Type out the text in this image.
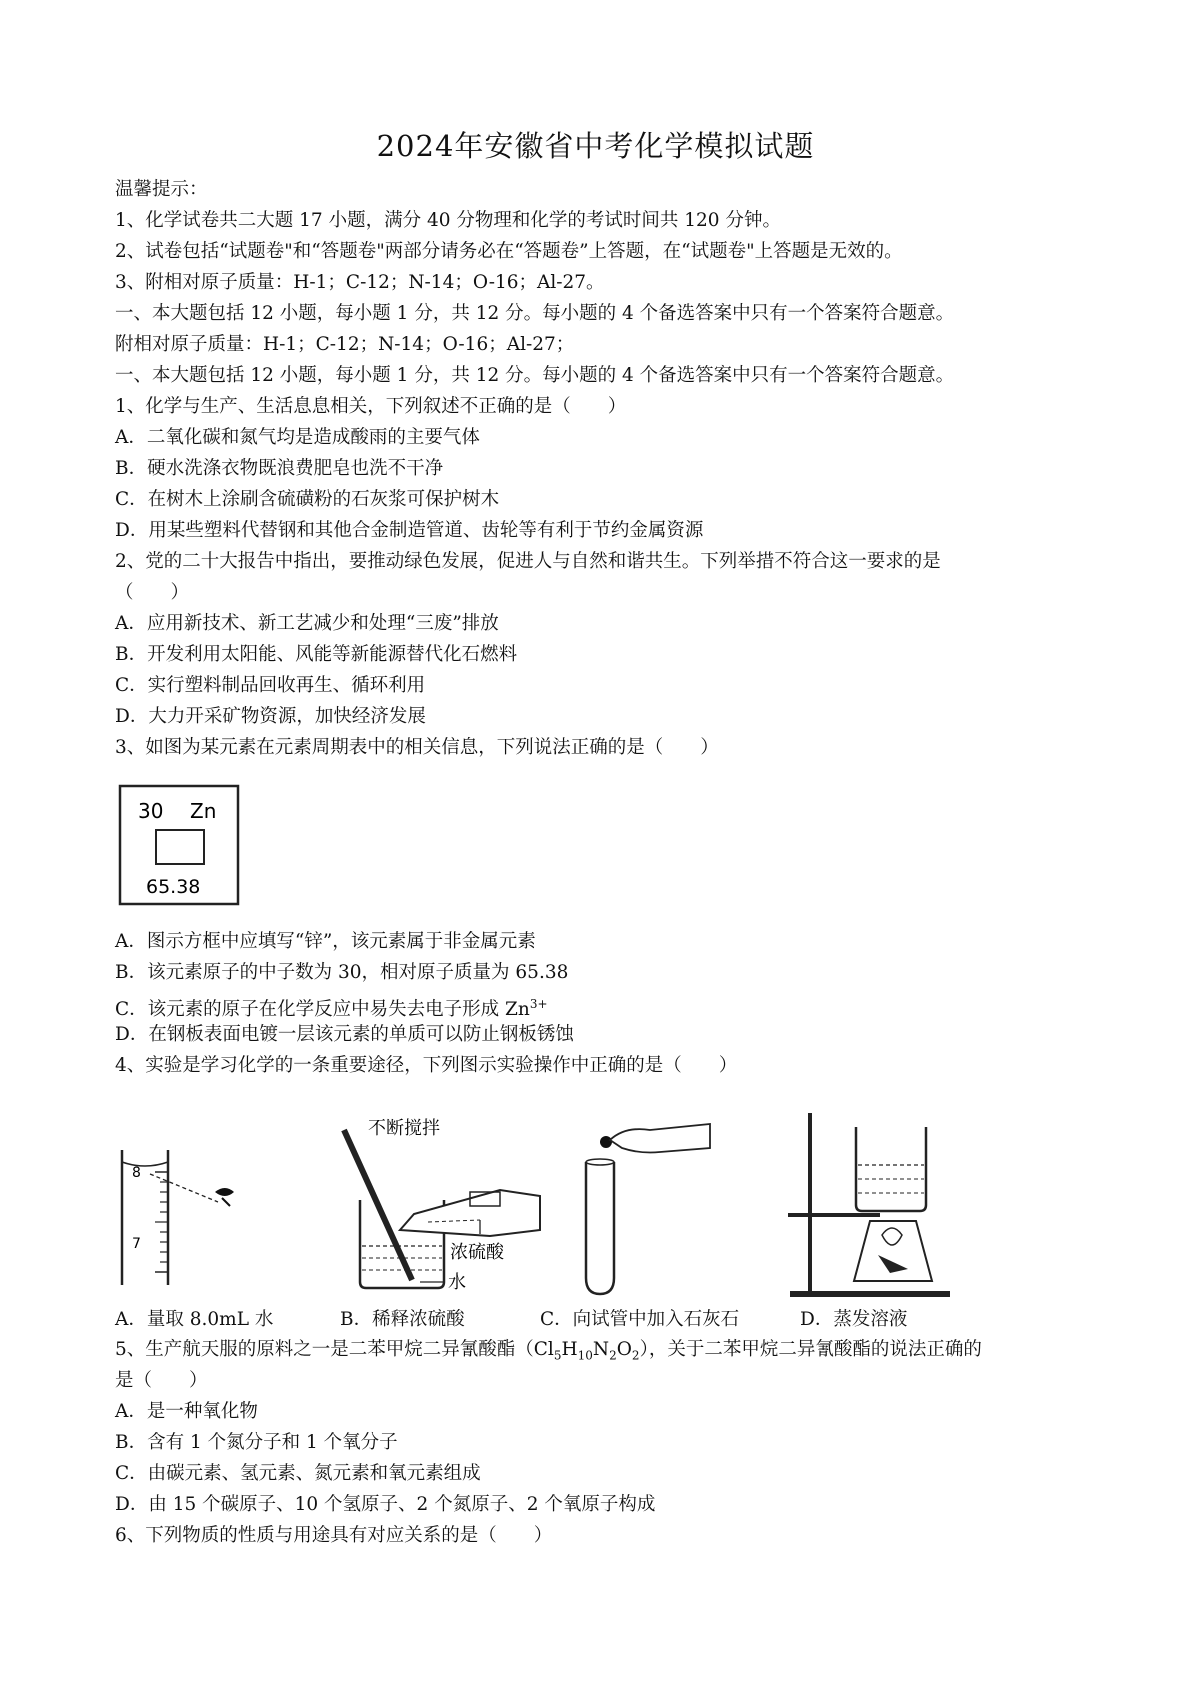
2024年安徽省中考化学模拟试题
温馨提示：
1、化学试卷共二大题 17 小题，满分 40 分物理和化学的考试时间共 120 分钟。
2、试卷包括“试题卷"和“答题卷"两部分请务必在“答题卷”上答题，在“试题卷"上答题是无效的。
3、附相对原子质量：H-1；C-12；N-14；O-16；Al-27。
一、本大题包括 12 小题，每小题 1 分，共 12 分。每小题的 4 个备选答案中只有一个答案符合题意。
附相对原子质量：H-1；C-12；N-14；O-16；Al-27；
一、本大题包括 12 小题，每小题 1 分，共 12 分。每小题的 4 个备选答案中只有一个答案符合题意。
1、化学与生产、生活息息相关，下列叙述不正确的是（　　）
A．二氧化碳和氮气均是造成酸雨的主要气体
B．硬水洗涤衣物既浪费肥皂也洗不干净
C．在树木上涂刷含硫磺粉的石灰浆可保护树木
D．用某些塑料代替钢和其他合金制造管道、齿轮等有利于节约金属资源
2、党的二十大报告中指出，要推动绿色发展，促进人与自然和谐共生。下列举措不符合这一要求的是
（　　）
A．应用新技术、新工艺减少和处理“三废”排放
B．开发利用太阳能、风能等新能源替代化石燃料
C．实行塑料制品回收再生、循环利用
D．大力开采矿物资源，加快经济发展
3、如图为某元素在元素周期表中的相关信息，下列说法正确的是（　　）
30 Zn
65.38
A．图示方框中应填写“锌”，该元素属于非金属元素
B．该元素原子的中子数为 30，相对原子质量为 65.38
C．该元素的原子在化学反应中易失去电子形成 $Zn^{3+}$
D．在钢板表面电镀一层该元素的单质可以防止钢板锈蚀
4、实验是学习化学的一条重要途径，下列图示实验操作中正确的是（　　）
8
7
不断搅拌
浓硫酸
水
A．量取 8.0mL 水	B．稀释浓硫酸	C．向试管中加入石灰石	D．蒸发溶液
5、生产航天服的原料之一是二苯甲烷二异氰酸酯$(Cl_5H_{10}N_2O_2)$，关于二苯甲烷二异氰酸酯的说法正确的
是（　　）
A．是一种氧化物
B．含有 1 个氮分子和 1 个氧分子
C．由碳元素、氢元素、氮元素和氧元素组成
D．由 15 个碳原子、10 个氢原子、2 个氮原子、2 个氧原子构成
6、下列物质的性质与用途具有对应关系的是（　　）
